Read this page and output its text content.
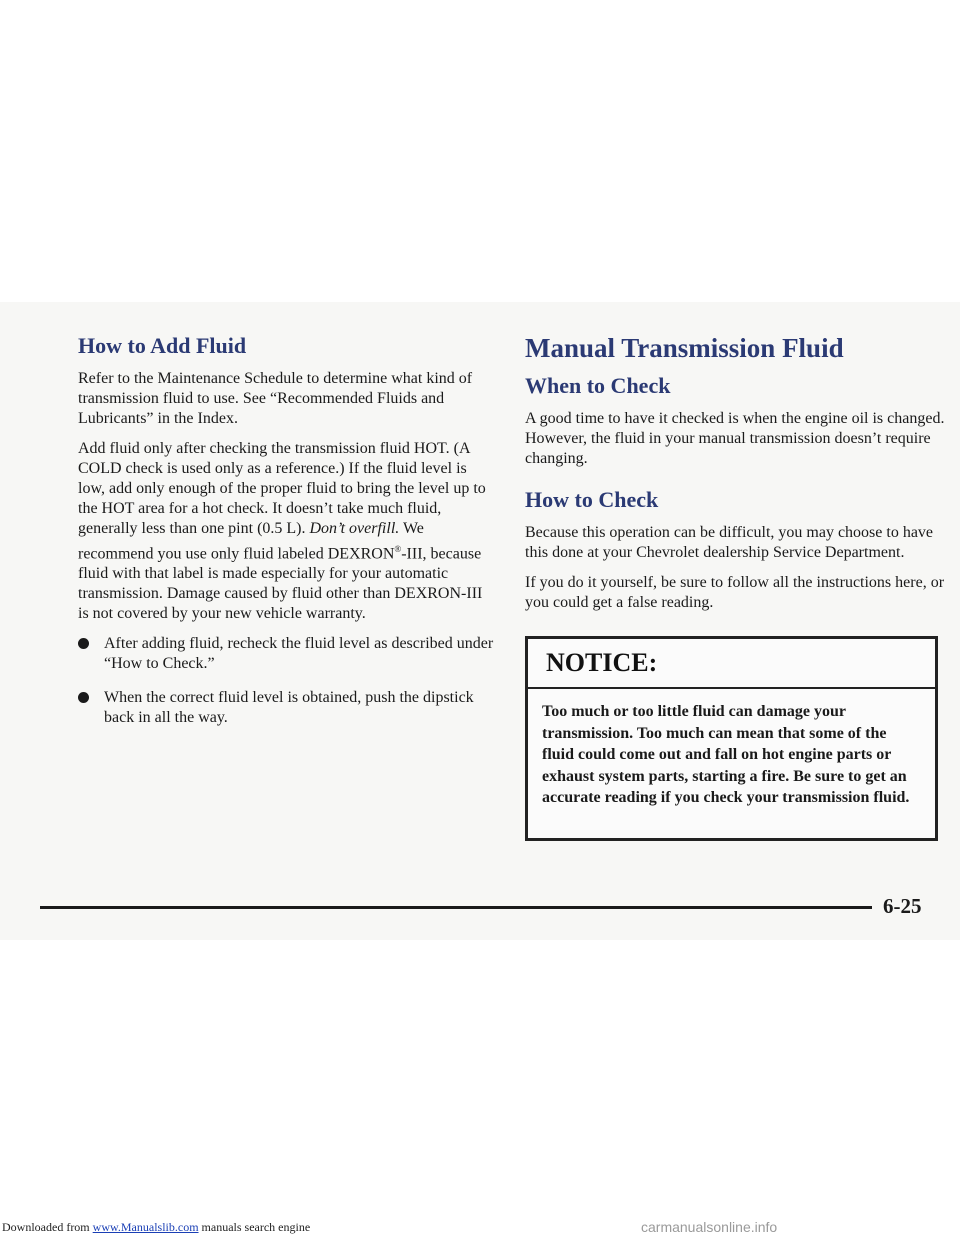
How to Add Fluid

Refer to the Maintenance Schedule to determine what kind of transmission fluid to use. See “Recommended Fluids and Lubricants” in the Index.

Add fluid only after checking the transmission fluid HOT. (A COLD check is used only as a reference.) If the fluid level is low, add only enough of the proper fluid to bring the level up to the HOT area for a hot check. It doesn’t take much fluid, generally less than one pint (0.5 L). Don’t overfill. We recommend you use only fluid labeled DEXRON®-III, because fluid with that label is made especially for your automatic transmission. Damage caused by fluid other than DEXRON-III is not covered by your new vehicle warranty.

After adding fluid, recheck the fluid level as described under “How to Check.”
When the correct fluid level is obtained, push the dipstick back in all the way.
Manual Transmission Fluid
When to Check

A good time to have it checked is when the engine oil is changed. However, the fluid in your manual transmission doesn’t require changing.

How to Check

Because this operation can be difficult, you may choose to have this done at your Chevrolet dealership Service Department.

If you do it yourself, be sure to follow all the instructions here, or you could get a false reading.

NOTICE:
Too much or too little fluid can damage your transmission. Too much can mean that some of the fluid could come out and fall on hot engine parts or exhaust system parts, starting a fire. Be sure to get an accurate reading if you check your transmission fluid.
6-25
Downloaded from www.Manualslib.com manuals search engine	carmanualsonline.info
